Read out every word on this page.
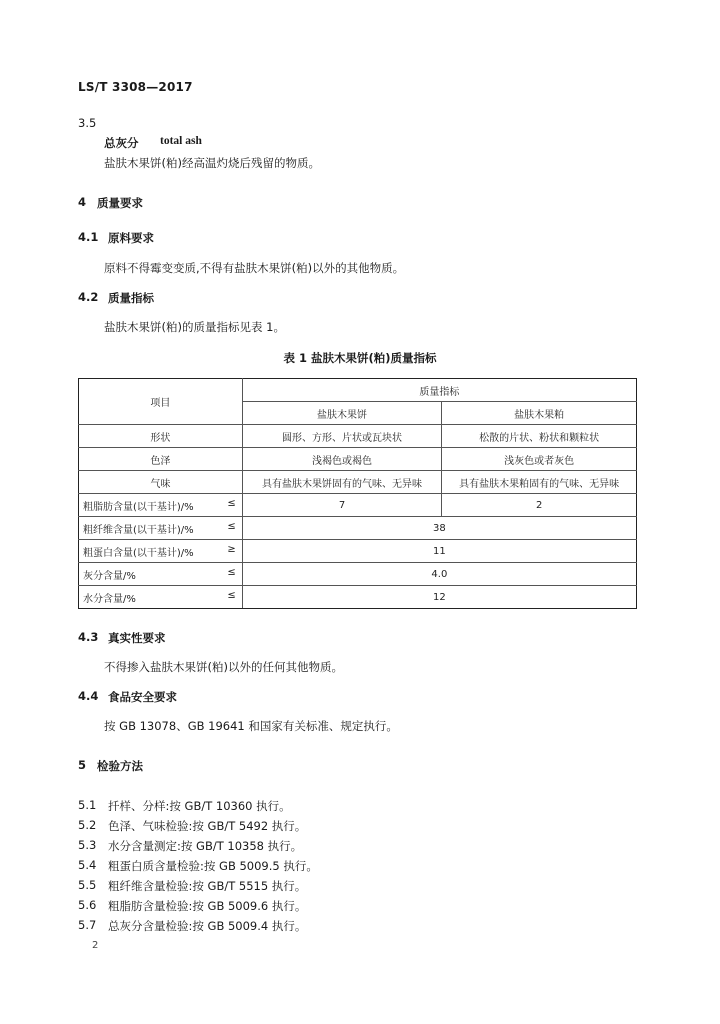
LS/T 3308—2017
3.5
总灰分 total ash
盐肤木果饼(粕)经高温灼烧后残留的物质。
4 质量要求
4.1 原料要求
原料不得霉变变质,不得有盐肤木果饼(粕)以外的其他物质。
4.2 质量指标
盐肤木果饼(粕)的质量指标见表 1。
表 1 盐肤木果饼(粕)质量指标
项目	质量指标	
	盐肤木果饼	盐肤木果粕
形状	圆形、方形、片状或瓦块状	松散的片状、粉状和颗粒状
色泽	浅褐色或褐色	浅灰色或者灰色
气味	具有盐肤木果饼固有的气味、无异味	具有盐肤木果粕固有的气味、无异味

粗脂肪含量(以干基计)/% ≤	7	2

粗纤维含量(以干基计)/% ≤	38	

粗蛋白含量(以干基计)/% ≥	11	

灰分含量/% ≤	4.0	

水分含量/% ≤	12	
4.3 真实性要求
不得掺入盐肤木果饼(粕)以外的任何其他物质。
4.4 食品安全要求
按 GB 13078、GB 19641 和国家有关标准、规定执行。
5 检验方法
5.1 扦样、分样:按 GB/T 10360 执行。
5.2 色泽、气味检验:按 GB/T 5492 执行。
5.3 水分含量测定:按 GB/T 10358 执行。
5.4 粗蛋白质含量检验:按 GB 5009.5 执行。
5.5 粗纤维含量检验:按 GB/T 5515 执行。
5.6 粗脂肪含量检验:按 GB 5009.6 执行。
5.7 总灰分含量检验:按 GB 5009.4 执行。
2
